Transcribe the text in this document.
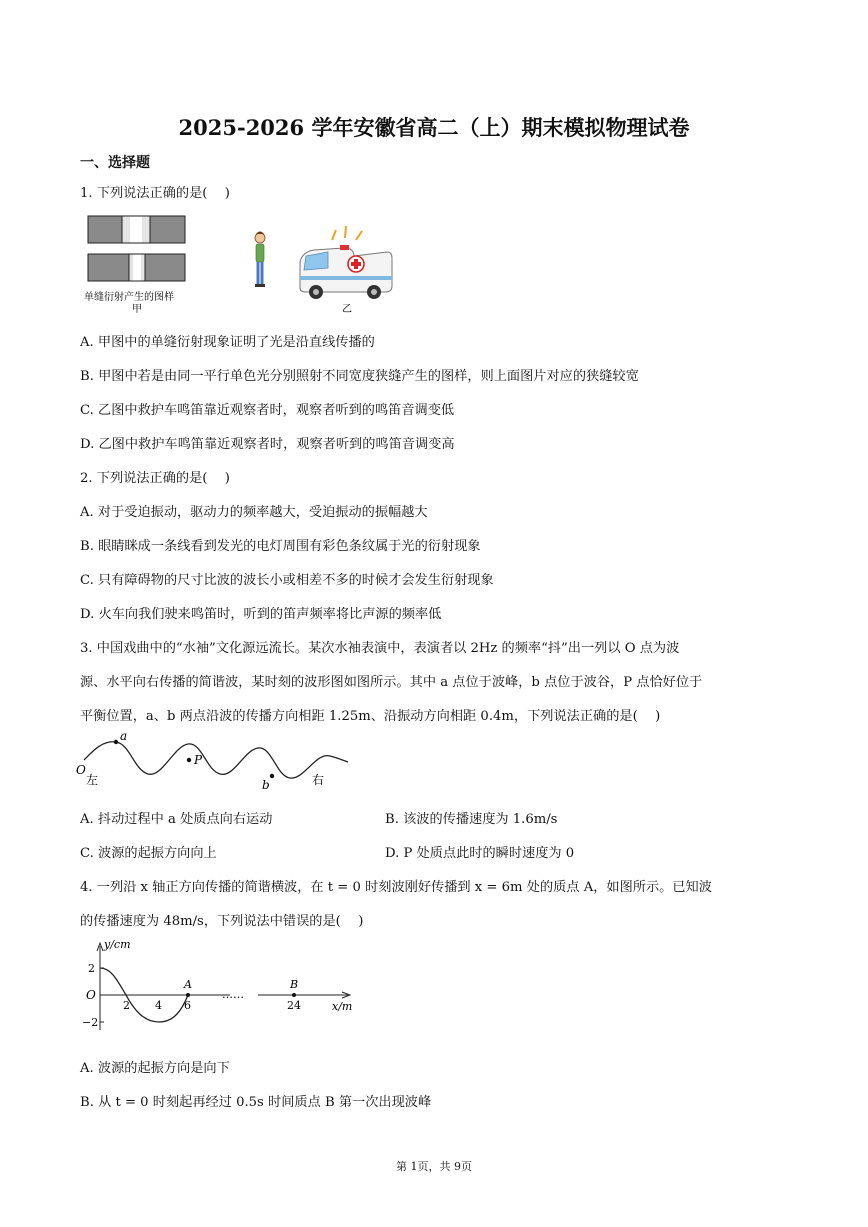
2025-2026 学年安徽省高二（上）期末模拟物理试卷
一、选择题
1. 下列说法正确的是(　 )
单缝衍射产生的图样
甲	乙
A. 甲图中的单缝衍射现象证明了光是沿直线传播的
B. 甲图中若是由同一平行单色光分别照射不同宽度狭缝产生的图样，则上面图片对应的狭缝较宽
C. 乙图中救护车鸣笛靠近观察者时，观察者听到的鸣笛音调变低
D. 乙图中救护车鸣笛靠近观察者时，观察者听到的鸣笛音调变高
2. 下列说法正确的是(　 )
A. 对于受迫振动，驱动力的频率越大，受迫振动的振幅越大
B. 眼睛眯成一条线看到发光的电灯周围有彩色条纹属于光的衍射现象
C. 只有障碍物的尺寸比波的波长小或相差不多的时候才会发生衍射现象
D. 火车向我们驶来鸣笛时，听到的笛声频率将比声源的频率低
3. 中国戏曲中的“水袖”文化源远流长。某次水袖表演中，表演者以 2Hz 的频率“抖”出一列以 O 点为波
源、水平向右传播的简谐波，某时刻的波形图如图所示。其中 a 点位于波峰，b 点位于波谷，P 点恰好位于
平衡位置，a、b 两点沿波的传播方向相距 1.25m、沿振动方向相距 0.4m，下列说法正确的是(　 )
O
左
a
P
b	右
A. 抖动过程中 a 处质点向右运动	B. 该波的传播速度为 1.6m/s
C. 波源的起振方向向上	D. P 处质点此时的瞬时速度为 0
4. 一列沿 x 轴正方向传播的简谐横波，在 t = 0 时刻波刚好传播到 x = 6m 处的质点 A，如图所示。已知波
的传播速度为 48m/s，下列说法中错误的是(　 )
y/cm
2
−2
O
2 4 6	24
A	B
……
x/m
A. 波源的起振方向是向下
B. 从 t = 0 时刻起再经过 0.5s 时间质点 B 第一次出现波峰
第 1页，共 9页
